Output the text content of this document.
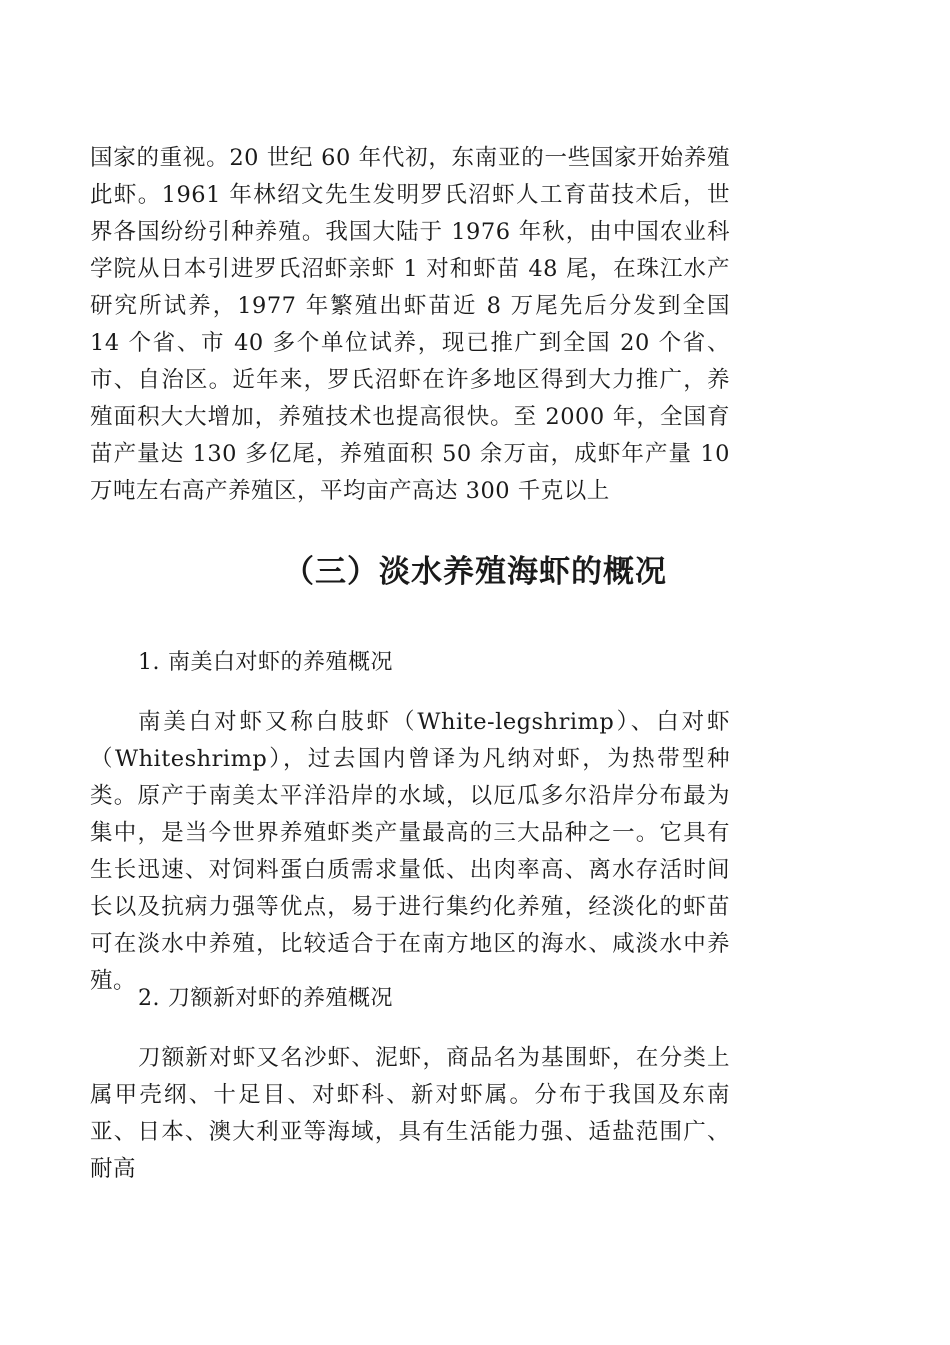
国家的重视。20 世纪 60 年代初，东南亚的一些国家开始养殖此虾。1961 年林绍文先生发明罗氏沼虾人工育苗技术后，世界各国纷纷引种养殖。我国大陆于 1976 年秋，由中国农业科学院从日本引进罗氏沼虾亲虾 1 对和虾苗 48 尾，在珠江水产研究所试养，1977 年繁殖出虾苗近 8 万尾先后分发到全国 14 个省、市 40 多个单位试养，现已推广到全国 20 个省、市、自治区。近年来，罗氏沼虾在许多地区得到大力推广，养殖面积大大增加，养殖技术也提高很快。至 2000 年，全国育苗产量达 130 多亿尾，养殖面积 50 余万亩，成虾年产量 10 万吨左右高产养殖区，平均亩产高达 300 千克以上

（三）淡水养殖海虾的概况
1. 南美白对虾的养殖概况

南美白对虾又称白肢虾（White-legshrimp）、白对虾（Whiteshrimp），过去国内曾译为凡纳对虾，为热带型种类。原产于南美太平洋沿岸的水域，以厄瓜多尔沿岸分布最为集中，是当今世界养殖虾类产量最高的三大品种之一。它具有生长迅速、对饲料蛋白质需求量低、出肉率高、离水存活时间长以及抗病力强等优点，易于进行集约化养殖，经淡化的虾苗可在淡水中养殖，比较适合于在南方地区的海水、咸淡水中养殖。

2. 刀额新对虾的养殖概况

刀额新对虾又名沙虾、泥虾，商品名为基围虾，在分类上属甲壳纲、十足目、对虾科、新对虾属。分布于我国及东南亚、日本、澳大利亚等海域，具有生活能力强、适盐范围广、耐高
